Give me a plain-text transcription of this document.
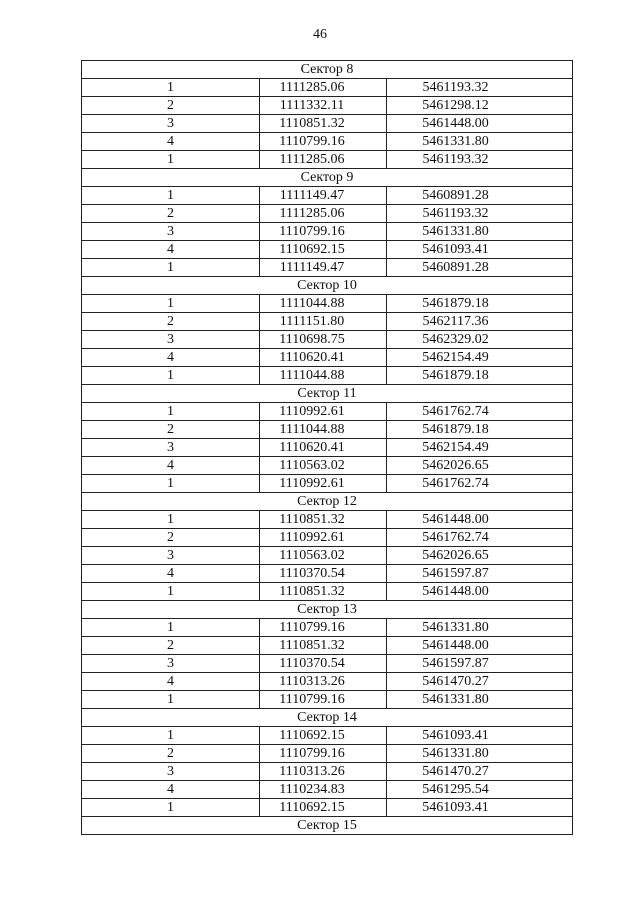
46
Сектор 8		
1	1111285.06	5461193.32
2	1111332.11	5461298.12
3	1110851.32	5461448.00
4	1110799.16	5461331.80
1	1111285.06	5461193.32
Сектор 9		
1	1111149.47	5460891.28
2	1111285.06	5461193.32
3	1110799.16	5461331.80
4	1110692.15	5461093.41
1	1111149.47	5460891.28
Сектор 10		
1	1111044.88	5461879.18
2	1111151.80	5462117.36
3	1110698.75	5462329.02
4	1110620.41	5462154.49
1	1111044.88	5461879.18
Сектор 11		
1	1110992.61	5461762.74
2	1111044.88	5461879.18
3	1110620.41	5462154.49
4	1110563.02	5462026.65
1	1110992.61	5461762.74
Сектор 12		
1	1110851.32	5461448.00
2	1110992.61	5461762.74
3	1110563.02	5462026.65
4	1110370.54	5461597.87
1	1110851.32	5461448.00
Сектор 13		
1	1110799.16	5461331.80
2	1110851.32	5461448.00
3	1110370.54	5461597.87
4	1110313.26	5461470.27
1	1110799.16	5461331.80
Сектор 14		
1	1110692.15	5461093.41
2	1110799.16	5461331.80
3	1110313.26	5461470.27
4	1110234.83	5461295.54
1	1110692.15	5461093.41
Сектор 15		
